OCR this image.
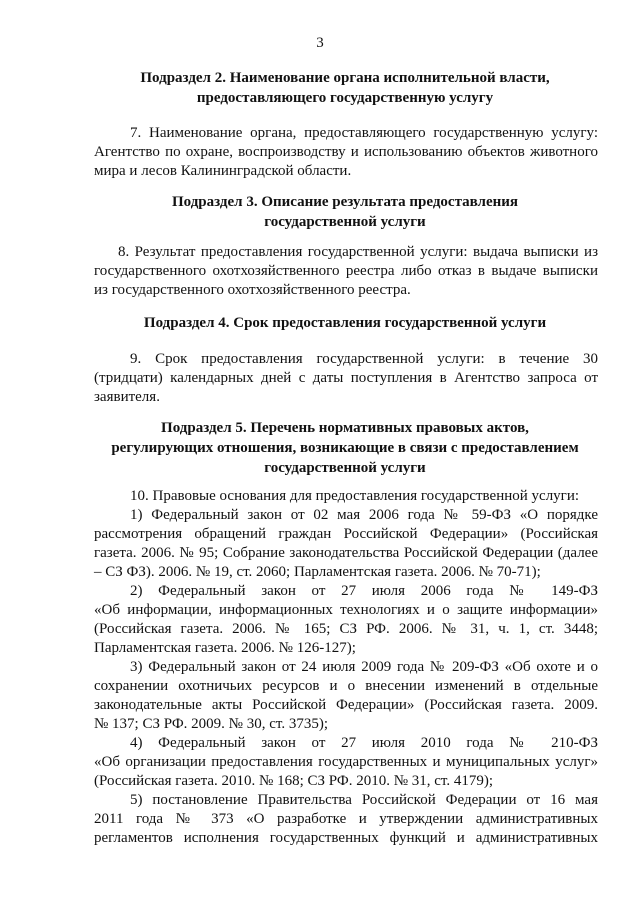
3
Подраздел 2. Наименование органа исполнительной власти,
предоставляющего государственную услугу
7. Наименование органа, предоставляющего государственную услугу:
Агентство по охране, воспроизводству и использованию объектов животного
мира и лесов Калининградской области.
Подраздел 3. Описание результата предоставления
государственной услуги
8. Результат предоставления государственной услуги: выдача выписки из
государственного охотхозяйственного реестра либо отказ в выдаче выписки
из государственного охотхозяйственного реестра.
Подраздел 4. Срок предоставления государственной услуги
9. Срок предоставления государственной услуги: в течение 30
(тридцати) календарных дней с даты поступления в Агентство запроса от
заявителя.
Подраздел 5. Перечень нормативных правовых актов,
регулирующих отношения, возникающие в связи с предоставлением
государственной услуги
10. Правовые основания для предоставления государственной услуги:
1) Федеральный закон от 02 мая 2006 года № 59-ФЗ «О порядке
рассмотрения обращений граждан Российской Федерации» (Российская
газета. 2006. № 95; Собрание законодательства Российской Федерации (далее
– СЗ ФЗ). 2006. № 19, ст. 2060; Парламентская газета. 2006. № 70-71);
2) Федеральный закон от 27 июля 2006 года № 149-ФЗ
«Об информации, информационных технологиях и о защите информации»
(Российская газета. 2006. № 165; СЗ РФ. 2006. № 31, ч. 1, ст. 3448;
Парламентская газета. 2006. № 126-127);
3) Федеральный закон от 24 июля 2009 года № 209-ФЗ «Об охоте и о
сохранении охотничьих ресурсов и о внесении изменений в отдельные
законодательные акты Российской Федерации» (Российская газета. 2009.
№ 137; СЗ РФ. 2009. № 30, ст. 3735);
4) Федеральный закон от 27 июля 2010 года № 210-ФЗ
«Об организации предоставления государственных и муниципальных услуг»
(Российская газета. 2010. № 168; СЗ РФ. 2010. № 31, ст. 4179);
5) постановление Правительства Российской Федерации от 16 мая
2011 года № 373 «О разработке и утверждении административных
регламентов исполнения государственных функций и административных
